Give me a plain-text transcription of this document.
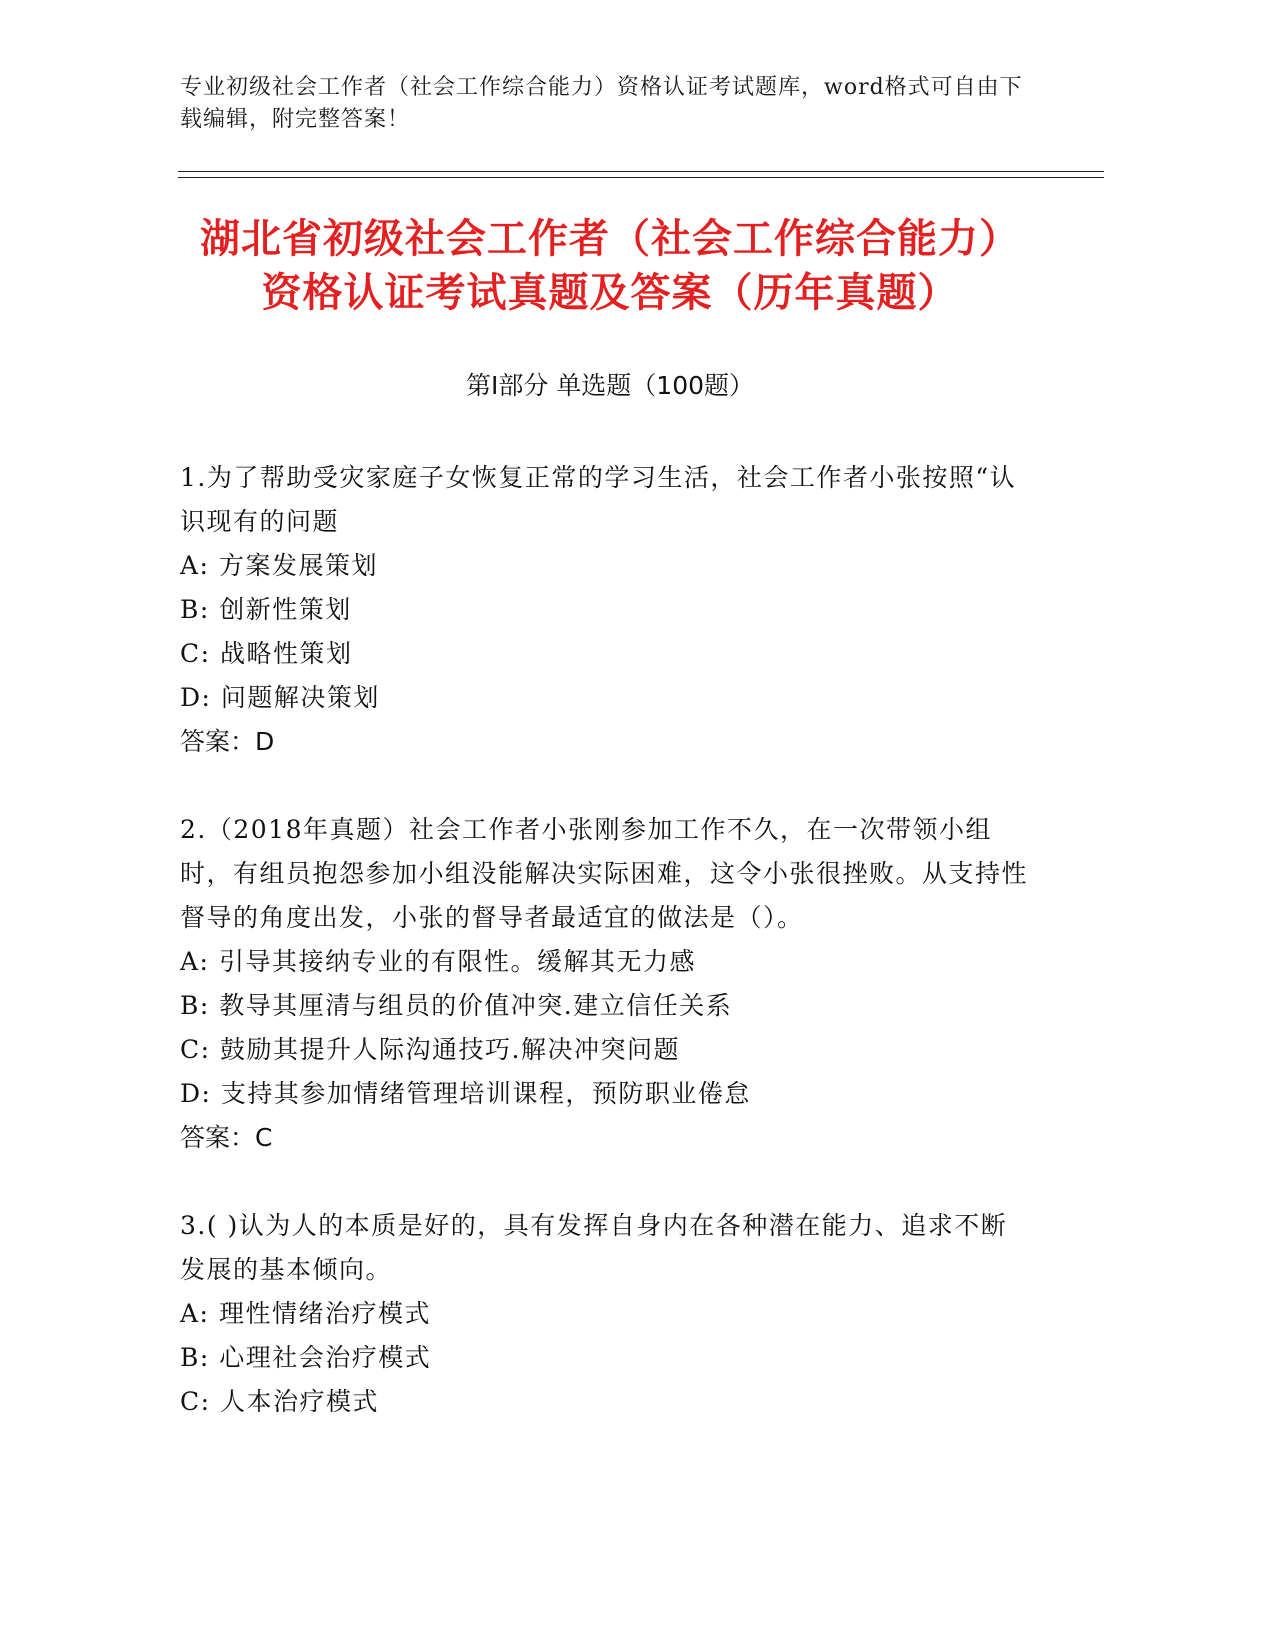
专业初级社会工作者（社会工作综合能力）资格认证考试题库，word格式可自由下载编辑，附完整答案！
湖北省初级社会工作者（社会工作综合能力）资格认证考试真题及答案（历年真题）
第Ⅰ部分 单选题（100题）

1.为了帮助受灾家庭子女恢复正常的学习生活，社会工作者小张按照“认识现有的问题

A: 方案发展策划

B: 创新性策划

C: 战略性策划

D: 问题解决策划

答案：D

2.（2018年真题）社会工作者小张刚参加工作不久，在一次带领小组时，有组员抱怨参加小组没能解决实际困难，这令小张很挫败。从支持性督导的角度出发，小张的督导者最适宜的做法是（）。

A: 引导其接纳专业的有限性。缓解其无力感

B: 教导其厘清与组员的价值冲突.建立信任关系

C: 鼓励其提升人际沟通技巧.解决冲突问题

D: 支持其参加情绪管理培训课程，预防职业倦怠

答案：C

3.( )认为人的本质是好的，具有发挥自身内在各种潜在能力、追求不断发展的基本倾向。

A: 理性情绪治疗模式

B: 心理社会治疗模式

C: 人本治疗模式
